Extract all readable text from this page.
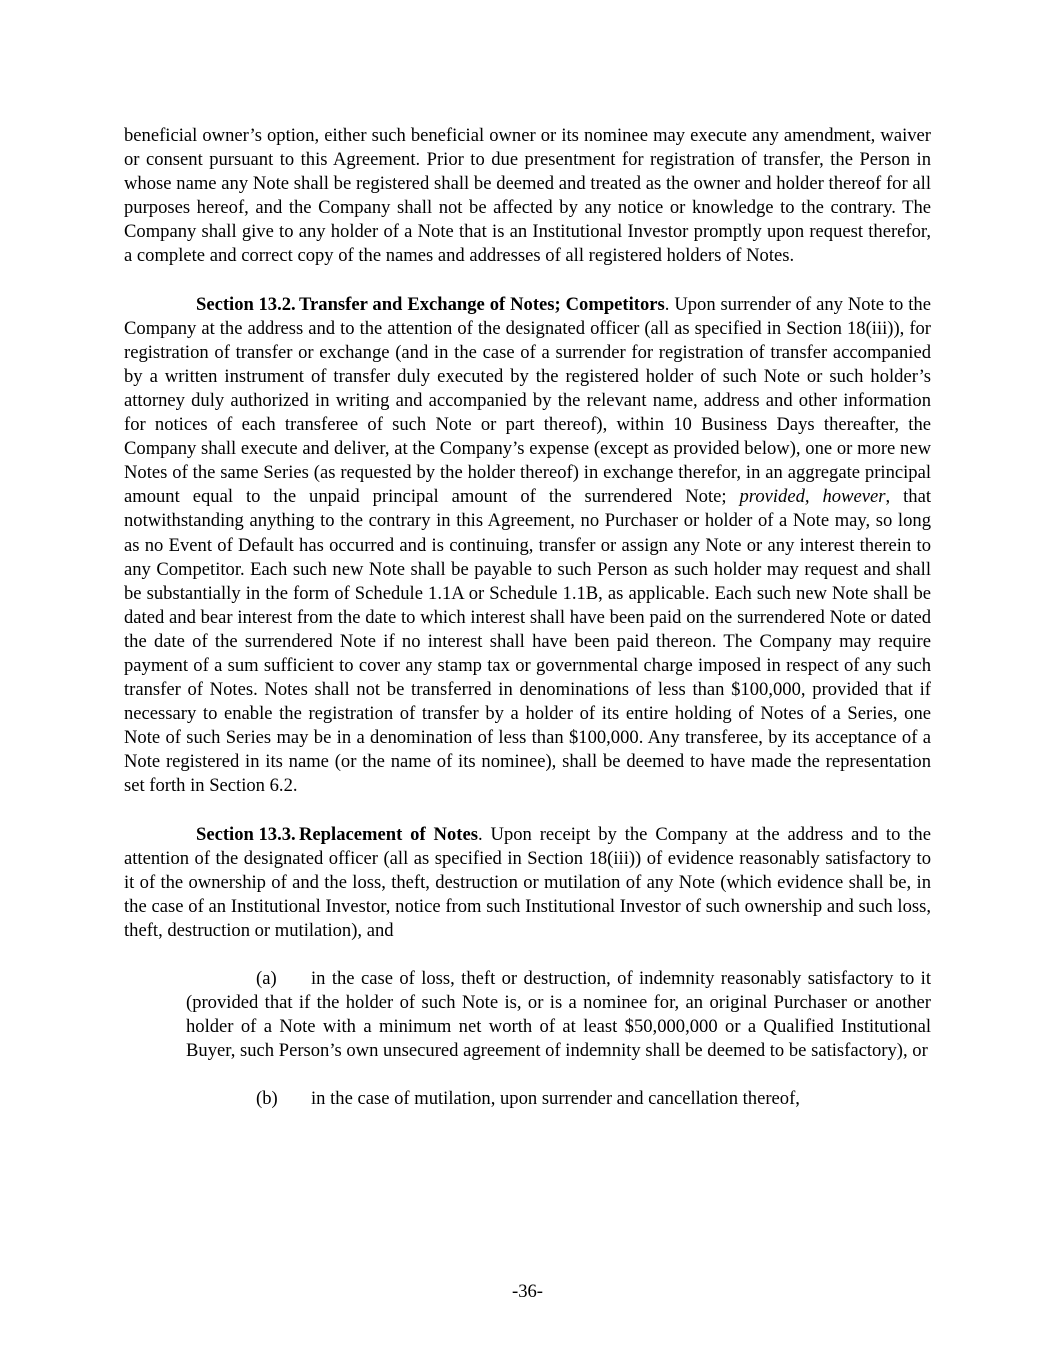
beneficial owner’s option, either such beneficial owner or its nominee may execute any amendment, waiver or consent pursuant to this Agreement. Prior to due presentment for registration of transfer, the Person in whose name any Note shall be registered shall be deemed and treated as the owner and holder thereof for all purposes hereof, and the Company shall not be affected by any notice or knowledge to the contrary. The Company shall give to any holder of a Note that is an Institutional Investor promptly upon request therefor, a complete and correct copy of the names and addresses of all registered holders of Notes.

Section 13.2. Transfer and Exchange of Notes; Competitors. Upon surrender of any Note to the Company at the address and to the attention of the designated officer (all as specified in Section 18(iii)), for registration of transfer or exchange (and in the case of a surrender for registration of transfer accompanied by a written instrument of transfer duly executed by the registered holder of such Note or such holder’s attorney duly authorized in writing and accompanied by the relevant name, address and other information for notices of each transferee of such Note or part thereof), within 10 Business Days thereafter, the Company shall execute and deliver, at the Company’s expense (except as provided below), one or more new Notes of the same Series (as requested by the holder thereof) in exchange therefor, in an aggregate principal amount equal to the unpaid principal amount of the surrendered Note; provided, however, that notwithstanding anything to the contrary in this Agreement, no Purchaser or holder of a Note may, so long as no Event of Default has occurred and is continuing, transfer or assign any Note or any interest therein to any Competitor. Each such new Note shall be payable to such Person as such holder may request and shall be substantially in the form of Schedule 1.1A or Schedule 1.1B, as applicable. Each such new Note shall be dated and bear interest from the date to which interest shall have been paid on the surrendered Note or dated the date of the surrendered Note if no interest shall have been paid thereon. The Company may require payment of a sum sufficient to cover any stamp tax or governmental charge imposed in respect of any such transfer of Notes. Notes shall not be transferred in denominations of less than $100,000, provided that if necessary to enable the registration of transfer by a holder of its entire holding of Notes of a Series, one Note of such Series may be in a denomination of less than $100,000. Any transferee, by its acceptance of a Note registered in its name (or the name of its nominee), shall be deemed to have made the representation set forth in Section 6.2.

Section 13.3. Replacement of Notes. Upon receipt by the Company at the address and to the attention of the designated officer (all as specified in Section 18(iii)) of evidence reasonably satisfactory to it of the ownership of and the loss, theft, destruction or mutilation of any Note (which evidence shall be, in the case of an Institutional Investor, notice from such Institutional Investor of such ownership and such loss, theft, destruction or mutilation), and

(a) in the case of loss, theft or destruction, of indemnity reasonably satisfactory to it (provided that if the holder of such Note is, or is a nominee for, an original Purchaser or another holder of a Note with a minimum net worth of at least $50,000,000 or a Qualified Institutional Buyer, such Person’s own unsecured agreement of indemnity shall be deemed to be satisfactory), or

(b) in the case of mutilation, upon surrender and cancellation thereof,

-36-
